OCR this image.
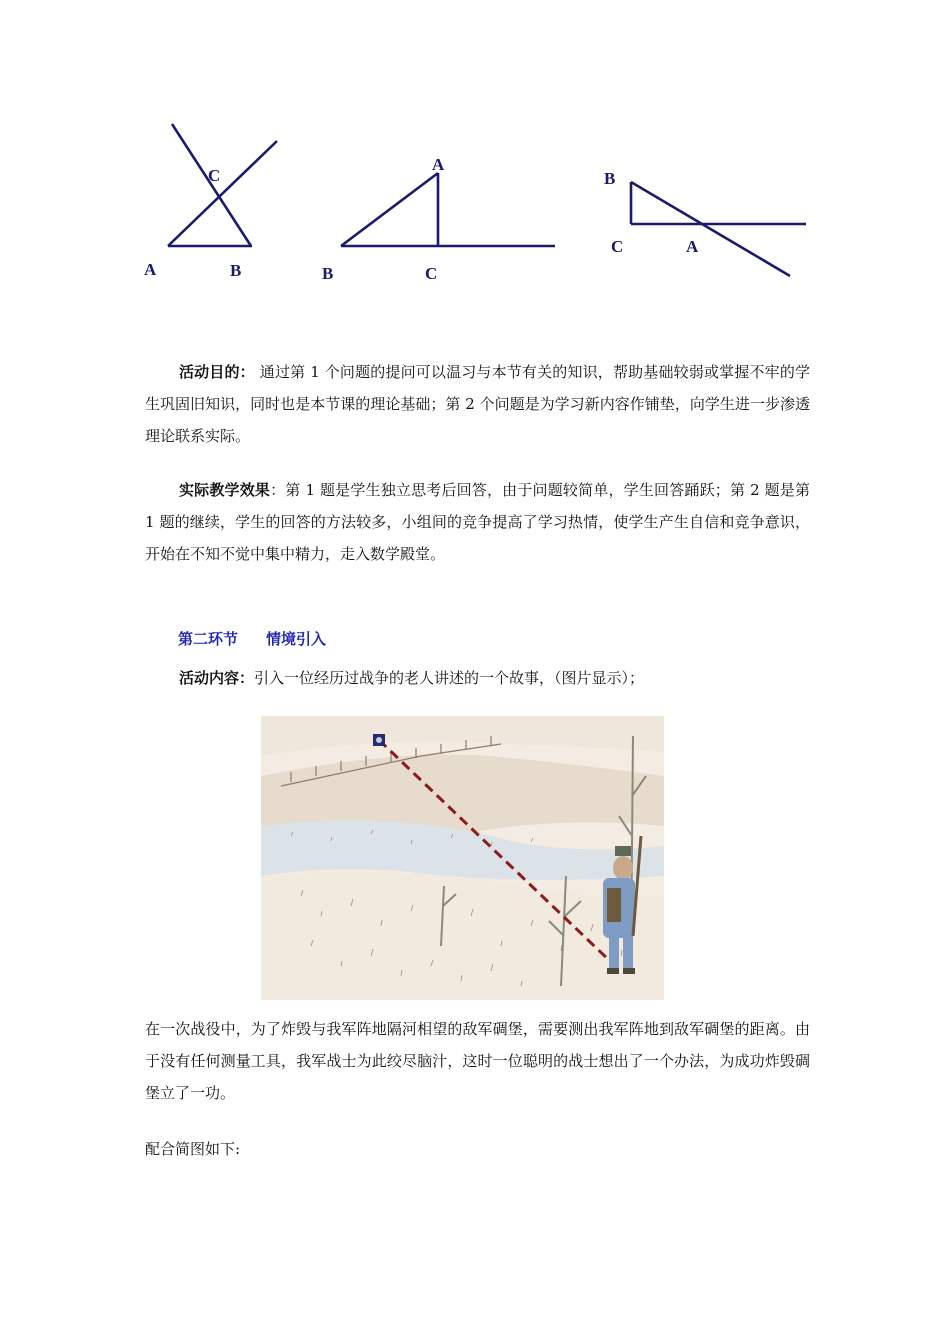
C
A	B
A
B	C
B
C	A

活动目的： 通过第 1 个问题的提问可以温习与本节有关的知识，帮助基础较弱或掌握不牢的学生巩固旧知识，同时也是本节课的理论基础；第 2 个问题是为学习新内容作铺垫，向学生进一步渗透理论联系实际。

实际教学效果：第 1 题是学生独立思考后回答，由于问题较简单，学生回答踊跃；第 2 题是第 1 题的继续，学生的回答的方法较多，小组间的竞争提高了学习热情，使学生产生自信和竞争意识，开始在不知不觉中集中精力，走入数学殿堂。

第二环节 情境引入

活动内容：引入一位经历过战争的老人讲述的一个故事，（图片显示）；

在一次战役中，为了炸毁与我军阵地隔河相望的敌军碉堡，需要测出我军阵地到敌军碉堡的距离。由于没有任何测量工具，我军战士为此绞尽脑汁，这时一位聪明的战士想出了一个办法，为成功炸毁碉堡立了一功。

配合简图如下:
